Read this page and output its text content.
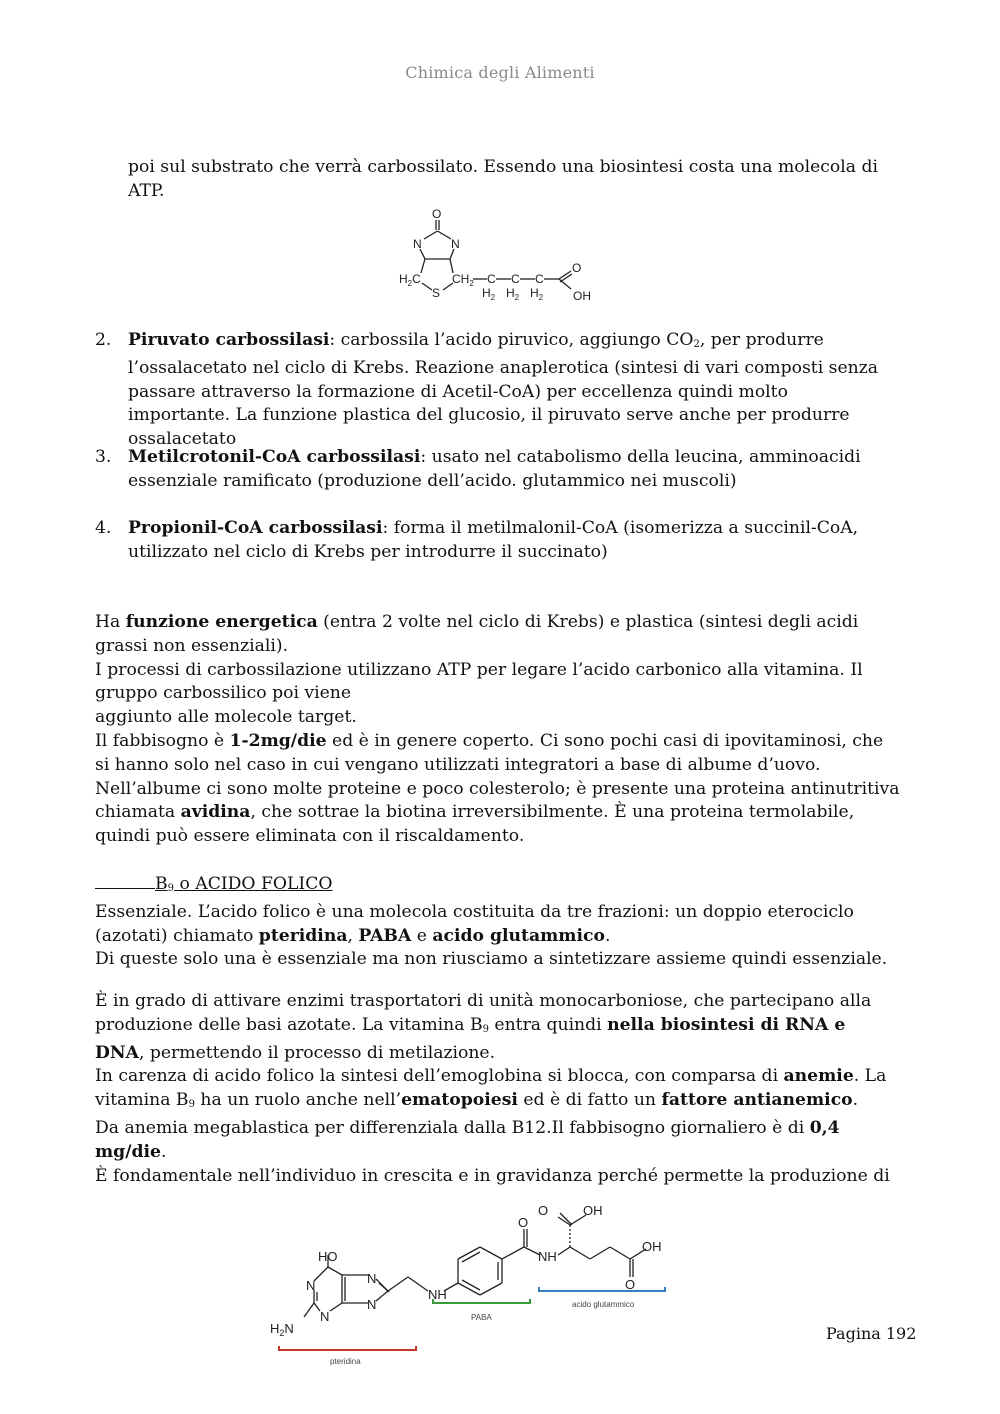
Chimica degli Alimenti
poi sul substrato che verrà carbossilato. Essendo una biosintesi costa una molecola di
ATP.
O
N N
$H_2C$
S
$CH_2$ C C C
$H_2$ $H_2$ $H_2$
O
OH
2. Piruvato carbossilasi: carbossila l’acido piruvico, aggiungo $CO_2$, per produrre l’ossalacetato nel ciclo di Krebs. Reazione anaplerotica (sintesi di vari composti senza passare attraverso la formazione di Acetil-CoA) per eccellenza quindi molto importante. La funzione plastica del glucosio, il piruvato serve anche per produrre ossalacetato
3. Metilcrotonil-CoA carbossilasi: usato nel catabolismo della leucina, amminoacidi essenziale ramificato (produzione dell’acido. glutammico nei muscoli)
4. Propionil-CoA carbossilasi: forma il metilmalonil-CoA (isomerizza a succinil-CoA, utilizzato nel ciclo di Krebs per introdurre il succinato)

Ha funzione energetica (entra 2 volte nel ciclo di Krebs) e plastica (sintesi degli acidi grassi non essenziali).

I processi di carbossilazione utilizzano ATP per legare l’acido carbonico alla vitamina. Il
gruppo carbossilico poi viene
aggiunto alle molecole target.

Il fabbisogno è 1-2mg/die ed è in genere coperto. Ci sono pochi casi di ipovitaminosi, che si hanno solo nel caso in cui vengano utilizzati integratori a base di albume d’uovo. Nell’albume ci sono molte proteine e poco colesterolo; è presente una proteina antinutritiva chiamata avidina, che sottrae la biotina irreversibilmente. È una proteina termolabile, quindi può essere eliminata con il riscaldamento.

$B_9$ o ACIDO FOLICO

Essenziale. L’acido folico è una molecola costituita da tre frazioni: un doppio eterociclo (azotati) chiamato pteridina, PABA e acido glutammico.

Di queste solo una è essenziale ma non riusciamo a sintetizzare assieme quindi essenziale.

È in grado di attivare enzimi trasportatori di unità monocarboniose, che partecipano alla produzione delle basi azotate. La vitamina $B_9$ entra quindi nella biosintesi di RNA e DNA, permettendo il processo di metilazione.

In carenza di acido folico la sintesi dell’emoglobina si blocca, con comparsa di anemie. La vitamina $B_9$ ha un ruolo anche nell’ematopoiesi ed è di fatto un fattore antianemico.

Da anemia megablastica per differenziala dalla B12.Il fabbisogno giornaliero è di 0,4 mg/die.

È fondamentale nell’individuo in crescita e in gravidanza perché permette la produzione di

HO
N
N
N
N
$H_2N$
NH
O
NH
O	OH
OH
O
pteridina
PABA
acido glutammico
Pagina 192
